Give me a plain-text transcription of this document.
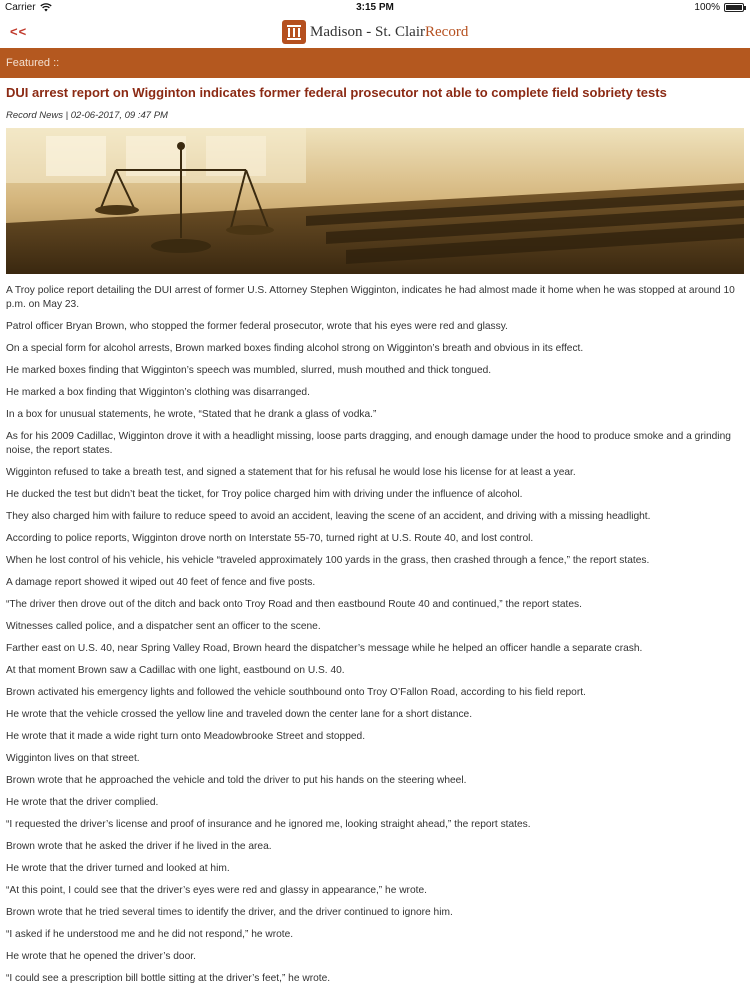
Carrier	3:15 PM	100%
<<	Madison - St. ClairRecord
Featured ::
DUI arrest report on Wigginton indicates former federal prosecutor not able to complete field sobriety tests
Record News | 02-06-2017, 09 :47 PM

A Troy police report detailing the DUI arrest of former U.S. Attorney Stephen Wigginton, indicates he had almost made it home when he was stopped at around 10 p.m. on May 23.

Patrol officer Bryan Brown, who stopped the former federal prosecutor, wrote that his eyes were red and glassy.

On a special form for alcohol arrests, Brown marked boxes finding alcohol strong on Wigginton’s breath and obvious in its effect.

He marked boxes finding that Wigginton’s speech was mumbled, slurred, mush mouthed and thick tongued.

He marked a box finding that Wigginton’s clothing was disarranged.

In a box for unusual statements, he wrote, “Stated that he drank a glass of vodka.”

As for his 2009 Cadillac, Wigginton drove it with a headlight missing, loose parts dragging, and enough damage under the hood to produce smoke and a grinding noise, the report states.

Wigginton refused to take a breath test, and signed a statement that for his refusal he would lose his license for at least a year.

He ducked the test but didn’t beat the ticket, for Troy police charged him with driving under the influence of alcohol.

They also charged him with failure to reduce speed to avoid an accident, leaving the scene of an accident, and driving with a missing headlight.

According to police reports, Wigginton drove north on Interstate 55-70, turned right at U.S. Route 40, and lost control.

When he lost control of his vehicle, his vehicle “traveled approximately 100 yards in the grass, then crashed through a fence,” the report states.

A damage report showed it wiped out 40 feet of fence and five posts.

“The driver then drove out of the ditch and back onto Troy Road and then eastbound Route 40 and continued,” the report states.

Witnesses called police, and a dispatcher sent an officer to the scene.

Farther east on U.S. 40, near Spring Valley Road, Brown heard the dispatcher’s message while he helped an officer handle a separate crash.

At that moment Brown saw a Cadillac with one light, eastbound on U.S. 40.

Brown activated his emergency lights and followed the vehicle southbound onto Troy O’Fallon Road, according to his field report.

He wrote that the vehicle crossed the yellow line and traveled down the center lane for a short distance.

He wrote that it made a wide right turn onto Meadowbrooke Street and stopped.

Wigginton lives on that street.

Brown wrote that he approached the vehicle and told the driver to put his hands on the steering wheel.

He wrote that the driver complied.

“I requested the driver’s license and proof of insurance and he ignored me, looking straight ahead,” the report states.

Brown wrote that he asked the driver if he lived in the area.

He wrote that the driver turned and looked at him.

“At this point, I could see that the driver’s eyes were red and glassy in appearance,” he wrote.

Brown wrote that he tried several times to identify the driver, and the driver continued to ignore him.

“I asked if he understood me and he did not respond,” he wrote.

He wrote that he opened the driver’s door.

“I could see a prescription bill bottle sitting at the driver’s feet,” he wrote.
